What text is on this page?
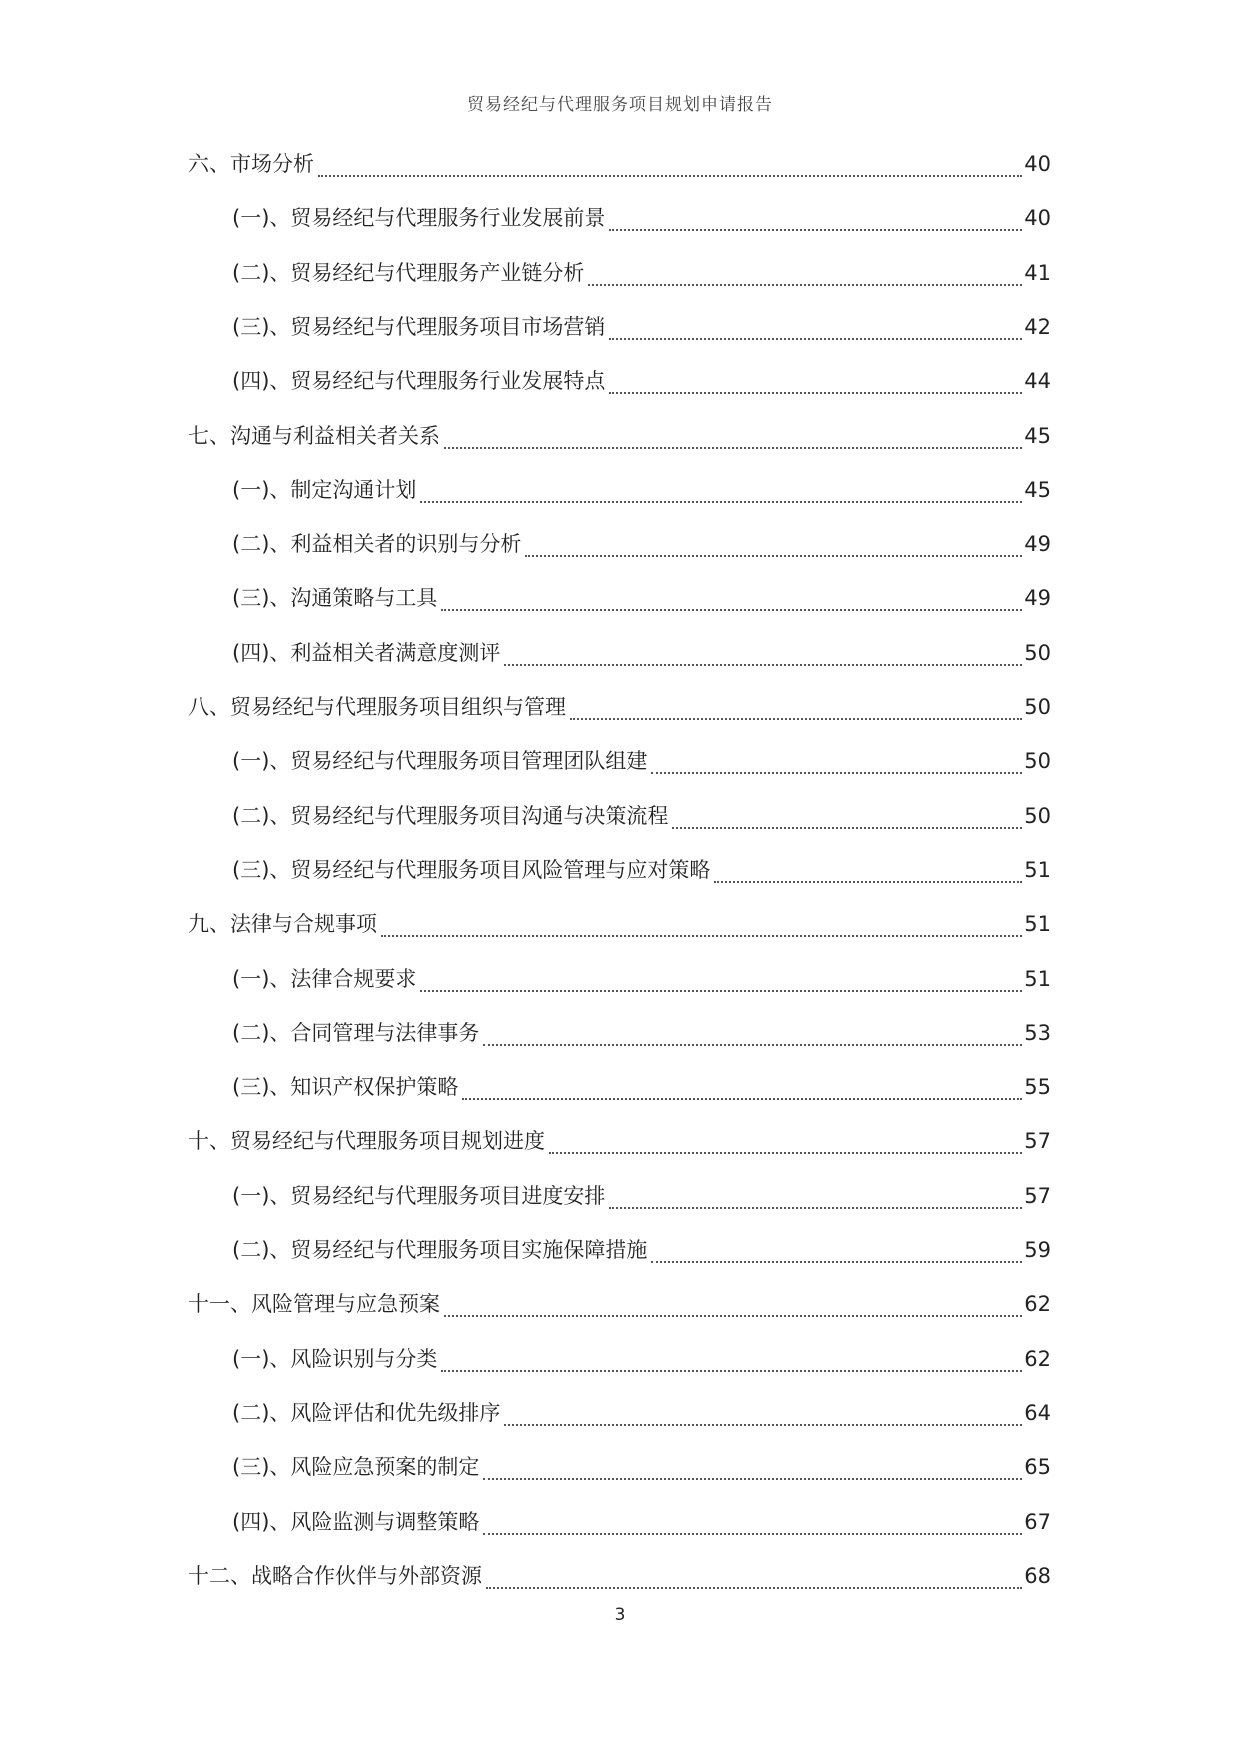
贸易经纪与代理服务项目规划申请报告
六、市场分析	40
(一)、贸易经纪与代理服务行业发展前景	40
(二)、贸易经纪与代理服务产业链分析	41
(三)、贸易经纪与代理服务项目市场营销	42
(四)、贸易经纪与代理服务行业发展特点	44
七、沟通与利益相关者关系	45
(一)、制定沟通计划	45
(二)、利益相关者的识别与分析	49
(三)、沟通策略与工具	49
(四)、利益相关者满意度测评	50
八、贸易经纪与代理服务项目组织与管理	50
(一)、贸易经纪与代理服务项目管理团队组建	50
(二)、贸易经纪与代理服务项目沟通与决策流程	50
(三)、贸易经纪与代理服务项目风险管理与应对策略	51
九、法律与合规事项	51
(一)、法律合规要求	51
(二)、合同管理与法律事务	53
(三)、知识产权保护策略	55
十、贸易经纪与代理服务项目规划进度	57
(一)、贸易经纪与代理服务项目进度安排	57
(二)、贸易经纪与代理服务项目实施保障措施	59
十一、风险管理与应急预案	62
(一)、风险识别与分类	62
(二)、风险评估和优先级排序	64
(三)、风险应急预案的制定	65
(四)、风险监测与调整策略	67
十二、战略合作伙伴与外部资源	68
3
